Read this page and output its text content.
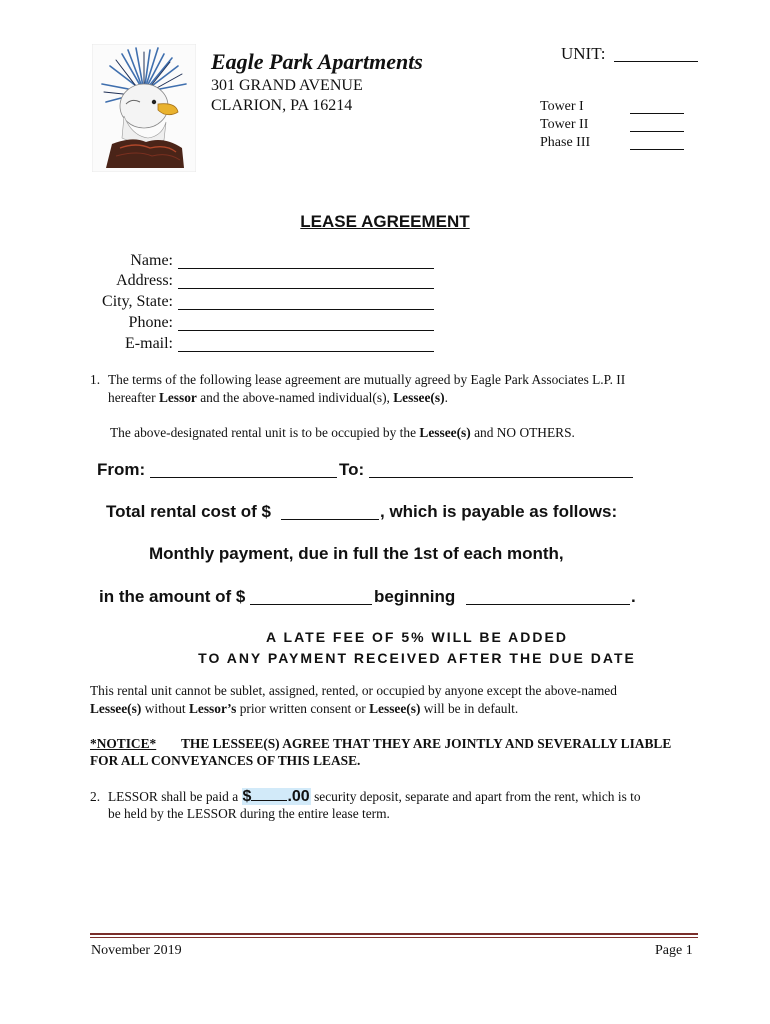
Eagle Park Apartments
301 GRAND AVENUE
CLARION, PA 16214
UNIT:
Tower I
Tower II
Phase III
LEASE AGREEMENT
Name:
Address:
City, State:
Phone:
E-mail:
1. The terms of the following lease agreement are mutually agreed by Eagle Park Associates L.P. II
hereafter Lessor and the above-named individual(s), Lessee(s).
The above-designated rental unit is to be occupied by the Lessee(s) and NO OTHERS.
From:	To:
Total rental cost of $	, which is payable as follows:
Monthly payment, due in full the 1st of each month,
in the amount of $	beginning	.
A LATE FEE OF 5% WILL BE ADDED
TO ANY PAYMENT RECEIVED AFTER THE DUE DATE
This rental unit cannot be sublet, assigned, rented, or occupied by anyone except the above-named
Lessee(s) without Lessor’s prior written consent or Lessee(s) will be in default.
*NOTICE* THE LESSEE(S) AGREE THAT THEY ARE JOINTLY AND SEVERALLY LIABLE
FOR ALL CONVEYANCES OF THIS LEASE.
2. LESSOR shall be paid a $ .00 security deposit, separate and apart from the rent, which is to
be held by the LESSOR during the entire lease term.
November 2019	Page 1
